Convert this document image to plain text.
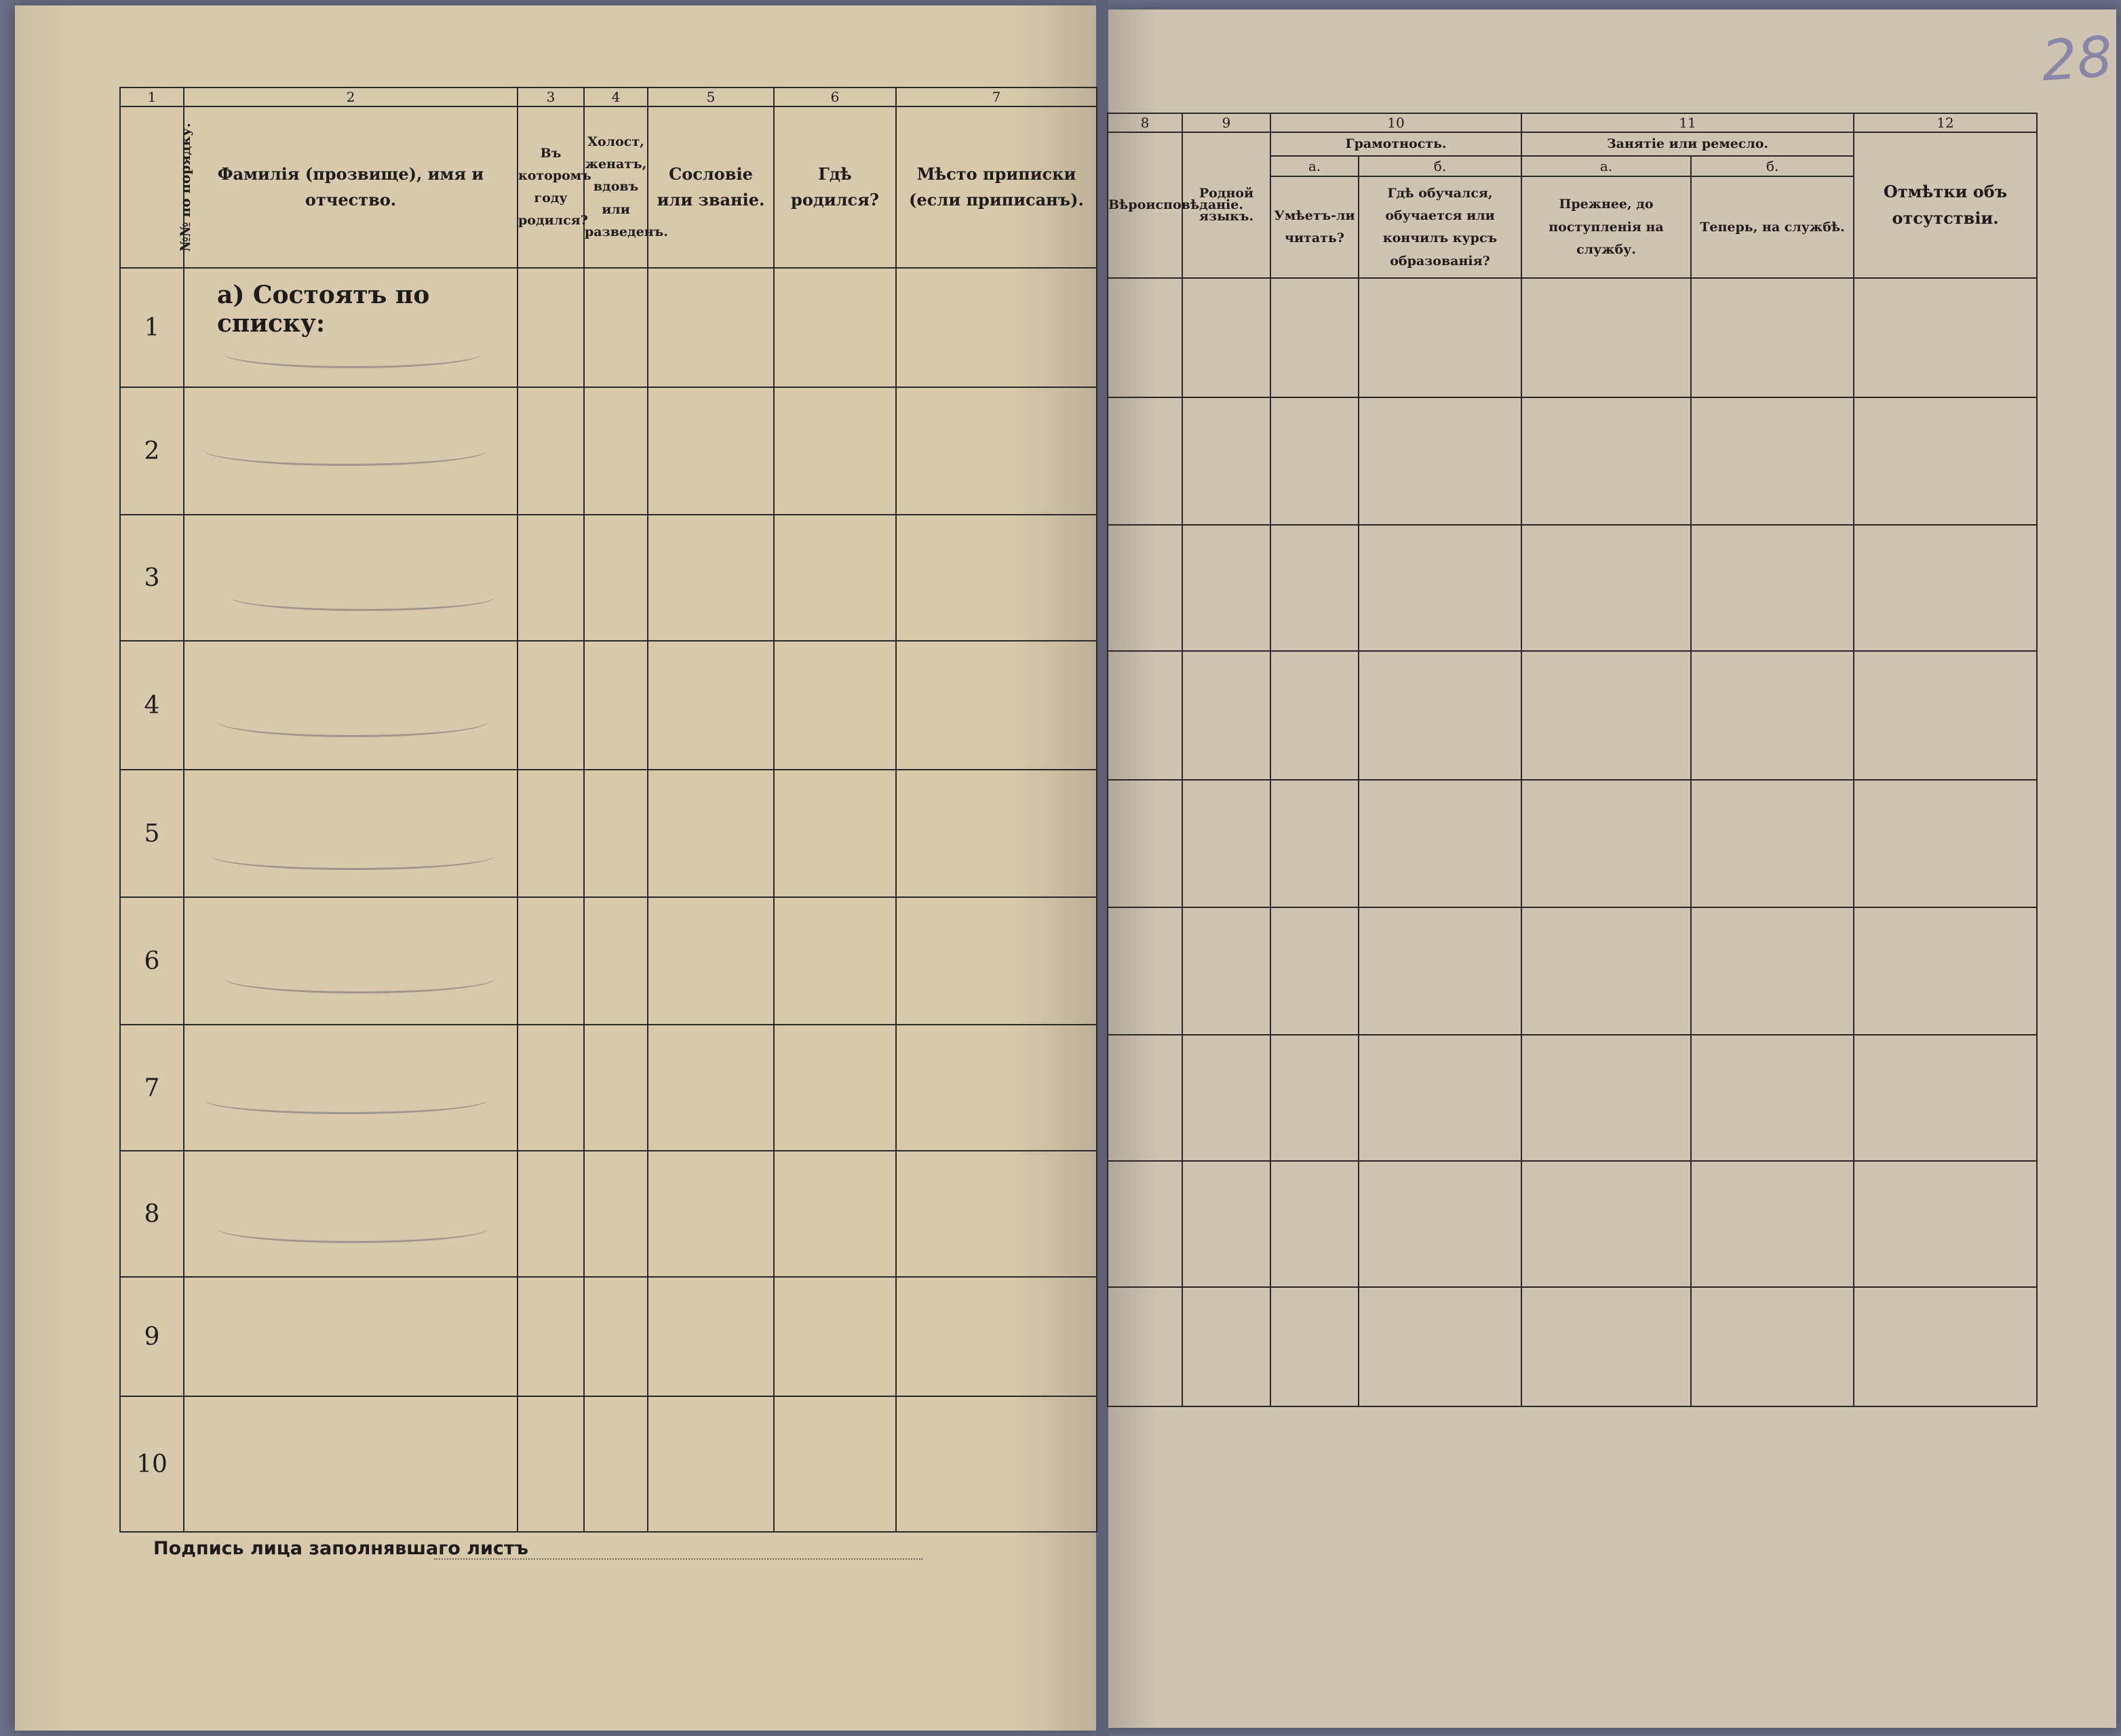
1	2	3	4	5	6	7
№№ по порядку.	Фамилія (прозвище), имя и отчество.	Въ которомъ году родился?	Холост, женатъ, вдовъ или разведенъ.	Сословіе или званіе.	Гдѣ родился?	Мѣсто приписки (если приписанъ).
1	а) Состоятъ по списку:					
2						
3						
4						
5						
6						
7						
8						
9						
10						
Подпись лица заполнявшаго листъ
8	9	10		11		12
Вѣроисповѣданіе.	Родной языкъ.	Грамотность.		Занятіе или ремесло.		Отмѣтки объ отсутствіи.
		а.	б.	а.	б.	
		Умѣетъ-ли читать?	Гдѣ обучался, обучается или кончилъ курсъ образованія?	Прежнее, до поступленія на службу.	Теперь, на службѣ.	

28
